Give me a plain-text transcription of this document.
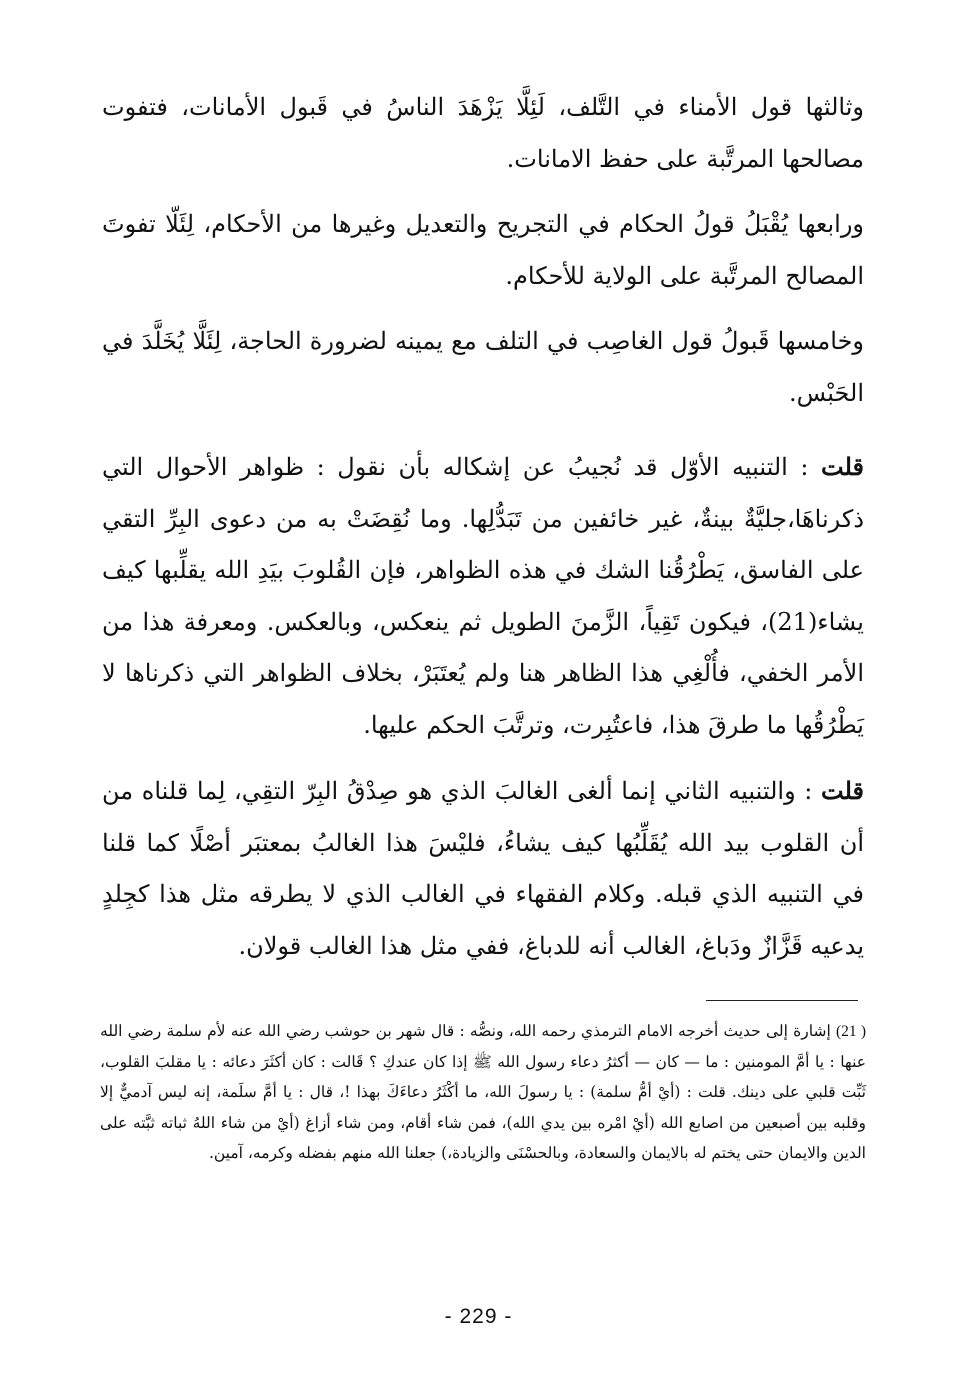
وثالثها قول الأمناء في التَّلف، لَئِلَّا يَزْهَدَ الناسُ في قَبول الأمانات، فتفوت مصالحها المرتَّبة على حفظ الامانات.

ورابعها يُقْبَلُ قولُ الحكام في التجريح والتعديل وغيرها من الأحكام، لِئَلّا تفوتَ المصالح المرتَّبة على الولاية للأحكام.

وخامسها قَبولُ قول الغاصِب في التلف مع يمينه لضرورة الحاجة، لِئَلَّا يُخَلَّدَ في الحَبْس.

قلت : التنبيه الأوّل قد نُجيبُ عن إشكاله بأن نقول : ظواهر الأحوال التي ذكرناهَا،جليَّةٌ بينةٌ، غير خائفين من تَبَدُّلِها. وما نُقِضَتْ به من دعوى البِرِّ التقي على الفاسق، يَطْرُقُنا الشك في هذه الظواهر، فإن القُلوبَ بيَدِ الله يقلِّبها كيف يشاء(21)، فيكون تَقِياً، الزَّمنَ الطويل ثم ينعكس، وبالعكس. ومعرفة هذا من الأمر الخفي، فأُلْغِي هذا الظاهر هنا ولم يُعتَبَرْ، بخلاف الظواهر التي ذكرناها لا يَطْرُقُها ما طرقَ هذا، فاعتُبِرت، وترتَّبَ الحكم عليها.

قلت : والتنبيه الثاني إنما ألغى الغالبَ الذي هو صِدْقُ البِرّ التقِي، لِما قلناه من أن القلوب بيد الله يُقَلِّبُها كيف يشاءُ، فليْسَ هذا الغالبُ بمعتبَر أصْلًا كما قلنا في التنبيه الذي قبله. وكلام الفقهاء في الغالب الذي لا يطرقه مثل هذا كجِلدٍ يدعيه قَزَّازٌ ودَباغ، الغالب أنه للدباغ، ففي مثل هذا الغالب قولان.

( 21) إشارة إلى حديث أخرجه الامام الترمذي رحمه الله، ونصُّه : قال شهر بن حوشب رضي الله عنه لأم سلمة رضي الله عنها : يا أمَّ المومنين : ما — كان — أكثرُ دعاء رسول الله ﷺ إذا كان عندكِ ؟ قَالت : كان أكثَرَ دعائه : يا مقلبَ القلوب، ثَبِّت قلبي على دينك. قلت : (أيْ أمُّ سلمة) : يا رسولَ الله، ما أكْثَرُ دعاءَكَ بهذا !، قال : يا أمَّ سلَمة، إنه ليس آدميٌّ إلا وقلبه بين أصبعين من اصابع الله (أيْ امْره بين يدي الله)، فمن شاء أقام، ومن شاء أزاغ (أيْ من شاء اللهُ ثباته ثبَّته على الدين والايمان حتى يختم له بالايمان والسعادة، وبالحسْنَى والزيادة،) جعلنا الله منهم بفضله وكرمه، آمين.

- 229 -
